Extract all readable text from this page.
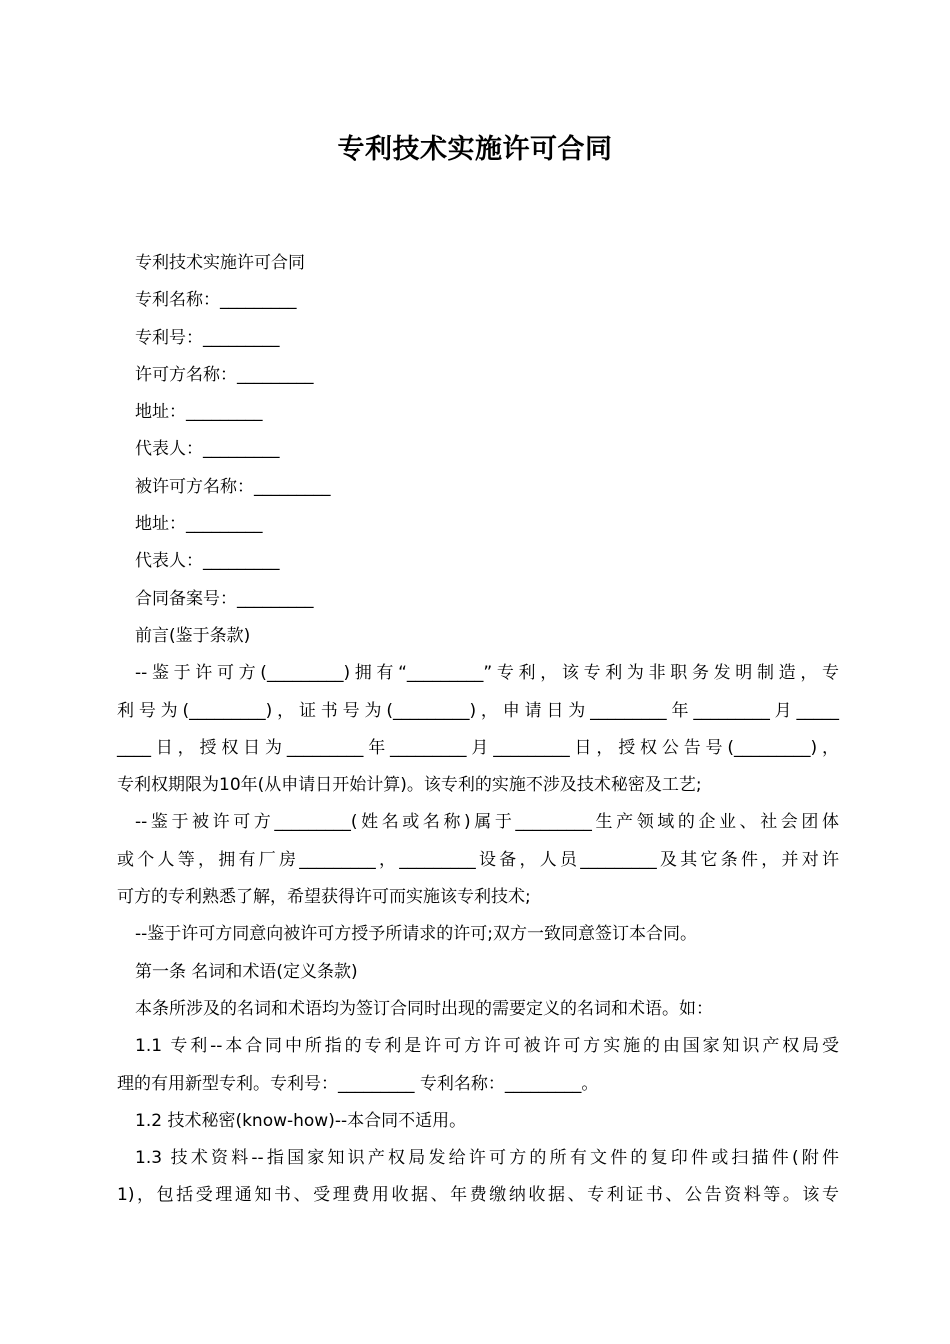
专利技术实施许可合同
专利技术实施许可合同
专利名称：_________
专利号：_________
许可方名称：_________
地址：_________
代表人：_________
被许可方名称：_________
地址：_________
代表人：_________
合同备案号：_________
前言(鉴于条款)
--鉴于许可方(_________)拥有“_________”专利，该专利为非职务发明制造，专
利号为(_________)，证书号为(_________)，申请日为_________年_________月_____
____日，授权日为_________年_________月_________日，授权公告号(_________)，
专利权期限为10年(从申请日开始计算)。该专利的实施不涉及技术秘密及工艺;
--鉴于被许可方_________(姓名或名称)属于_________生产领域的企业、社会团体
或个人等，拥有厂房_________，_________设备，人员_________及其它条件，并对许
可方的专利熟悉了解，希望获得许可而实施该专利技术;
--鉴于许可方同意向被许可方授予所请求的许可;双方一致同意签订本合同。
第一条 名词和术语(定义条款)
本条所涉及的名词和术语均为签订合同时出现的需要定义的名词和术语。如：
1.1 专利--本合同中所指的专利是许可方许可被许可方实施的由国家知识产权局受
理的有用新型专利。专利号：_________ 专利名称：_________。
1.2 技术秘密(know-how)--本合同不适用。
1.3 技术资料--指国家知识产权局发给许可方的所有文件的复印件或扫描件(附件
1)，包括受理通知书、受理费用收据、年费缴纳收据、专利证书、公告资料等。该专
